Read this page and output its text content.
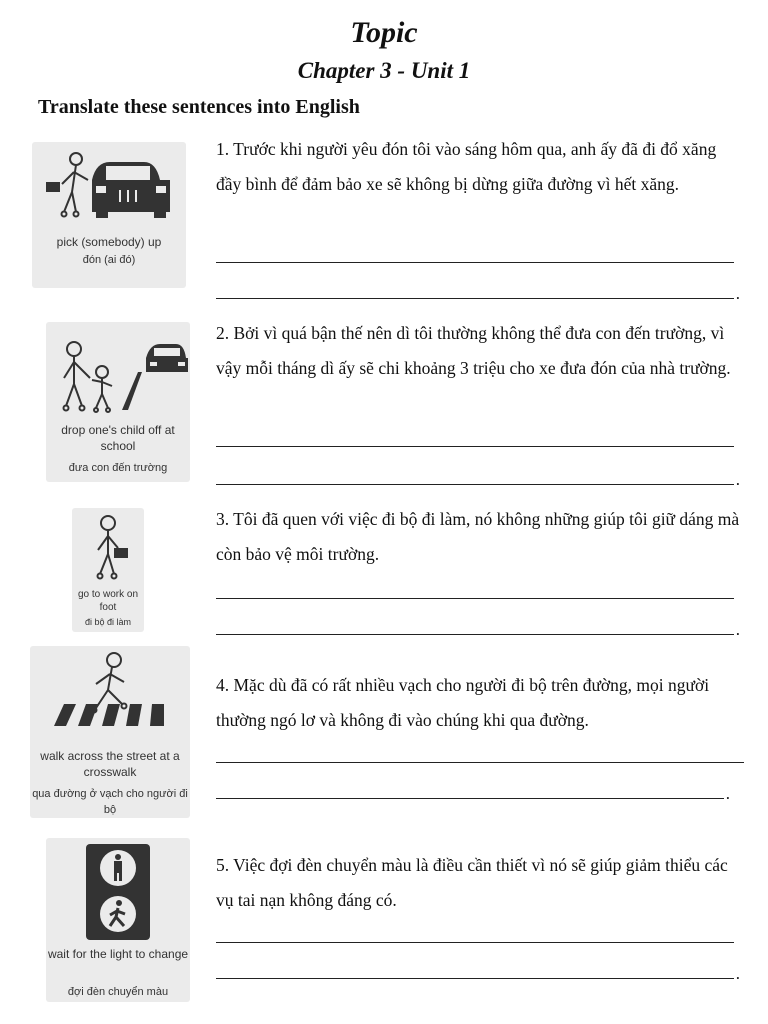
Topic
Chapter 3 - Unit 1
Translate these sentences into English
pick (somebody) up
đón (ai đó)
1. Trước khi người yêu đón tôi vào sáng hôm qua, anh ấy đã đi đổ xăng đầy bình để đảm bảo xe sẽ không bị dừng giữa đường vì hết xăng.
.
drop one's child off at school
đưa con đến trường
2. Bởi vì quá bận thế nên dì tôi thường không thể đưa con đến trường, vì vậy mỗi tháng dì ấy sẽ chi khoảng 3 triệu cho xe đưa đón của nhà trường.
.
go to work on foot
đi bộ đi làm
3. Tôi đã quen với việc đi bộ đi làm, nó không những giúp tôi giữ dáng mà còn bảo vệ môi trường.
.
walk across the street at a crosswalk
qua đường ở vạch cho người đi bộ
4. Mặc dù đã có rất nhiều vạch cho người đi bộ trên đường, mọi người thường ngó lơ và không đi vào chúng khi qua đường.
.
wait for the light to change
đợi đèn chuyển màu
5. Việc đợi đèn chuyển màu là điều cần thiết vì nó sẽ giúp giảm thiểu các vụ tai nạn không đáng có.
.
